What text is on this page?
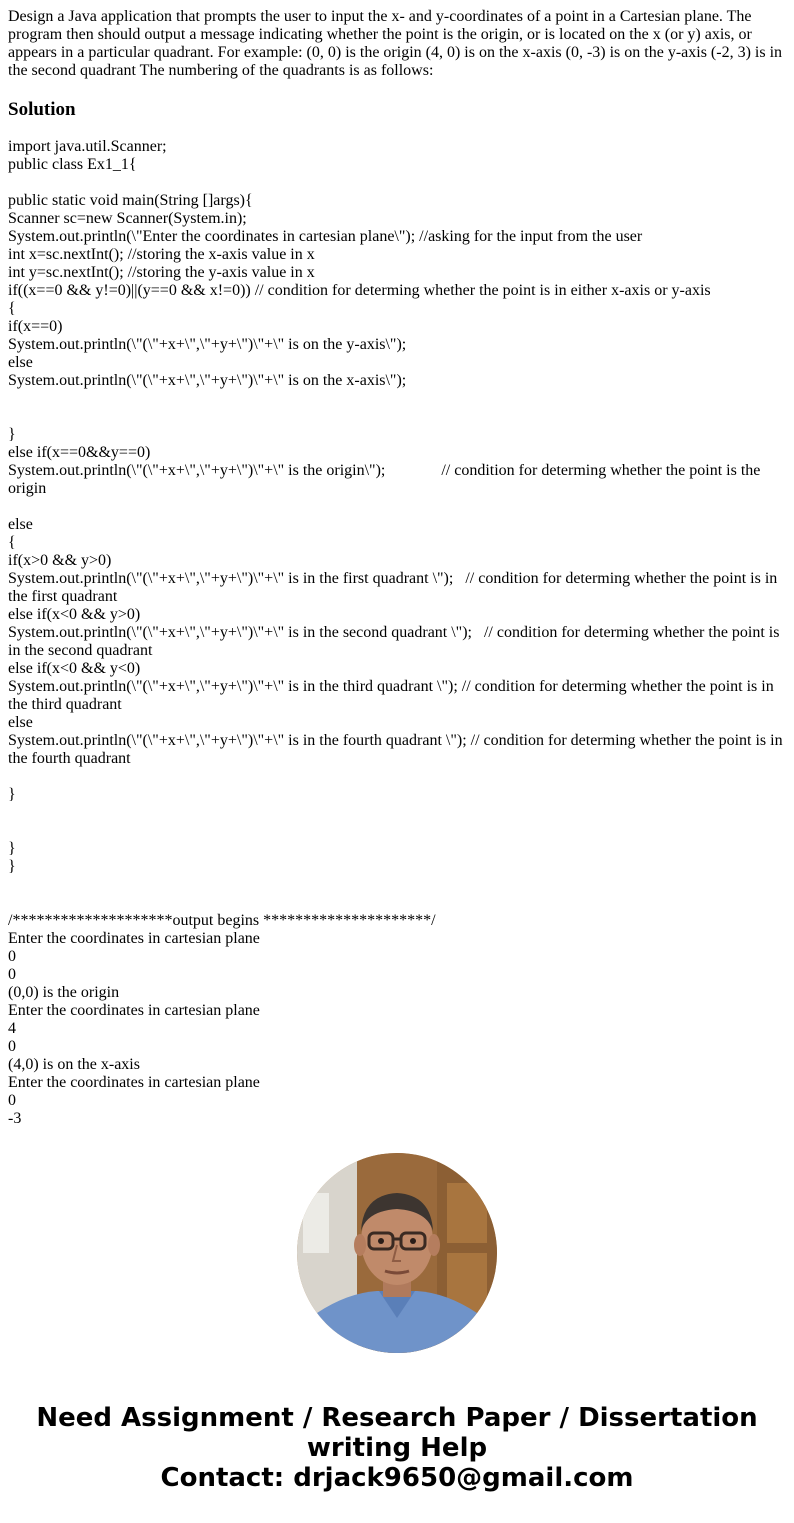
Design a Java application that prompts the user to input the x- and y-coordinates of a point in a Cartesian plane. The program then should output a message indicating whether the point is the origin, or is located on the x (or y) axis, or appears in a particular quadrant. For example: (0, 0) is the origin (4, 0) is on the x-axis (0, -3) is on the y-axis (-2, 3) is in the second quadrant The numbering of the quadrants is as follows:

Solution
import java.util.Scanner;
public class Ex1_1{
public static void main(String []args){
Scanner sc=new Scanner(System.in);
System.out.println(\"Enter the coordinates in cartesian plane\"); //asking for the input from the user
int x=sc.nextInt(); //storing the x-axis value in x
int y=sc.nextInt(); //storing the y-axis value in x
if((x==0 && y!=0)||(y==0 && x!=0)) // condition for determing whether the point is in either x-axis or y-axis
{
if(x==0)
System.out.println(\"(\"+x+\",\"+y+\")\"+\" is on the y-axis\");
else
System.out.println(\"(\"+x+\",\"+y+\")\"+\" is on the x-axis\");
}
else if(x==0&&y==0)
System.out.println(\"(\"+x+\",\"+y+\")\"+\" is the origin\");              // condition for determing whether the point is the origin
else
{
if(x>0 && y>0)
System.out.println(\"(\"+x+\",\"+y+\")\"+\" is in the first quadrant \");   // condition for determing whether the point is in the first quadrant
else if(x<0 && y>0)
System.out.println(\"(\"+x+\",\"+y+\")\"+\" is in the second quadrant \");   // condition for determing whether the point is in the second quadrant
else if(x<0 && y<0)
System.out.println(\"(\"+x+\",\"+y+\")\"+\" is in the third quadrant \"); // condition for determing whether the point is in the third quadrant
else
System.out.println(\"(\"+x+\",\"+y+\")\"+\" is in the fourth quadrant \"); // condition for determing whether the point is in the fourth quadrant
}
}
}
/********************output begins *********************/
Enter the coordinates in cartesian plane
0
0
(0,0) is the origin
Enter the coordinates in cartesian plane
4
0
(4,0) is on the x-axis
Enter the coordinates in cartesian plane
0
-3
Need Assignment / Research Paper / Dissertation
writing Help
Contact: drjack9650@gmail.com
